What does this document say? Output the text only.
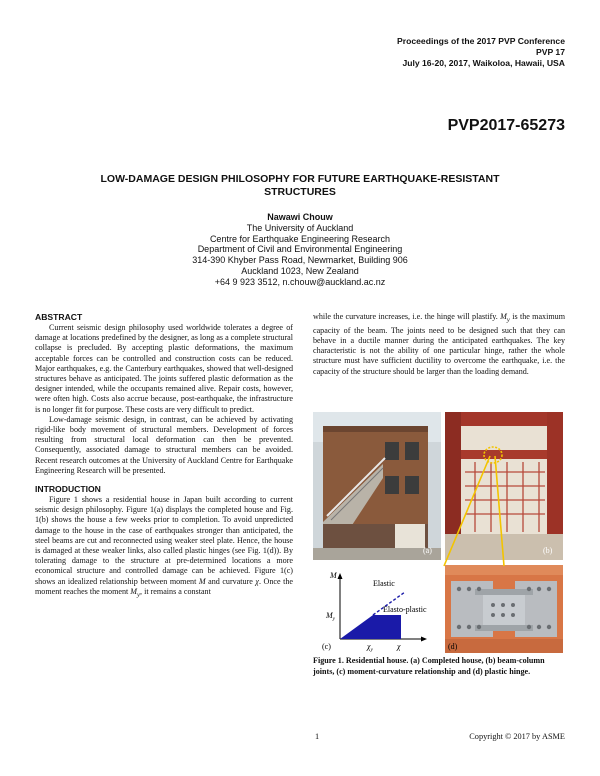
Proceedings of the 2017 PVP Conference
PVP 17
July 16-20, 2017, Waikoloa, Hawaii, USA
PVP2017-65273
LOW-DAMAGE DESIGN PHILOSOPHY FOR FUTURE EARTHQUAKE-RESISTANT
STRUCTURES
Nawawi Chouw
The University of Auckland
Centre for Earthquake Engineering Research
Department of Civil and Environmental Engineering
314-390 Khyber Pass Road, Newmarket, Building 906
Auckland 1023, New Zealand
+64 9 923 3512, n.chouw@auckland.ac.nz
ABSTRACT

Current seismic design philosophy used worldwide tolerates a degree of damage at locations predefined by the designer, as long as a complete structural collapse is precluded. By accepting plastic deformations, the maximum acceptable forces can be controlled and construction costs can be reduced. Major earthquakes, e.g. the Canterbury earthquakes, showed that well-designed structures behave as anticipated. The joints suffered plastic deformation as the designer intended, while the occupants remained alive. Repair costs, however, were often high. Costs also accrue because, post-earthquake, the infrastructure is no longer fit for purpose. These costs are very difficult to predict.

Low-damage seismic design, in contrast, can be achieved by activating rigid-like body movement of structural members. Development of forces resulting from structural local deformation can then be prevented. Consequently, associated damage to structural members can be avoided. Recent research outcomes at the University of Auckland Centre for Earthquake Engineering Research will be presented.

INTRODUCTION

Figure 1 shows a residential house in Japan built according to current seismic design philosophy. Figure 1(a) displays the completed house and Fig. 1(b) shows the house a few weeks prior to completion. To avoid unpredicted damage to the house in the case of earthquakes stronger than anticipated, the steel beams are cut and reconnected using weaker steel plate. Hence, the house is damaged at these weaker links, also called plastic hinges (see Fig. 1(d)). By tolerating damage to the structure at pre-determined locations a more economical structure and controlled damage can be achieved. Figure 1(c) shows an idealized relationship between moment M and curvature χ. Once the moment reaches the moment $M_y$, it remains a constant

while the curvature increases, i.e. the hinge will plastify. $M_y$ is the maximum capacity of the beam. The joints need to be designed such that they can behave in a ductile manner during the anticipated earthquakes. The key characteristic is not the ability of one particular hinge, rather the whole structure must have sufficient ductility to overcome the earthquake, i.e. the capacity of the structure should be larger than the loading demand.

(a)	(b)
M
χ
Elastic
Elasto-plastic
$M_y$
$\chi_y$
(c)	(d)
Figure 1. Residential house. (a) Completed house, (b) beam-column joints, (c) moment-curvature relationship and (d) plastic hinge.
1	Copyright © 2017 by ASME
